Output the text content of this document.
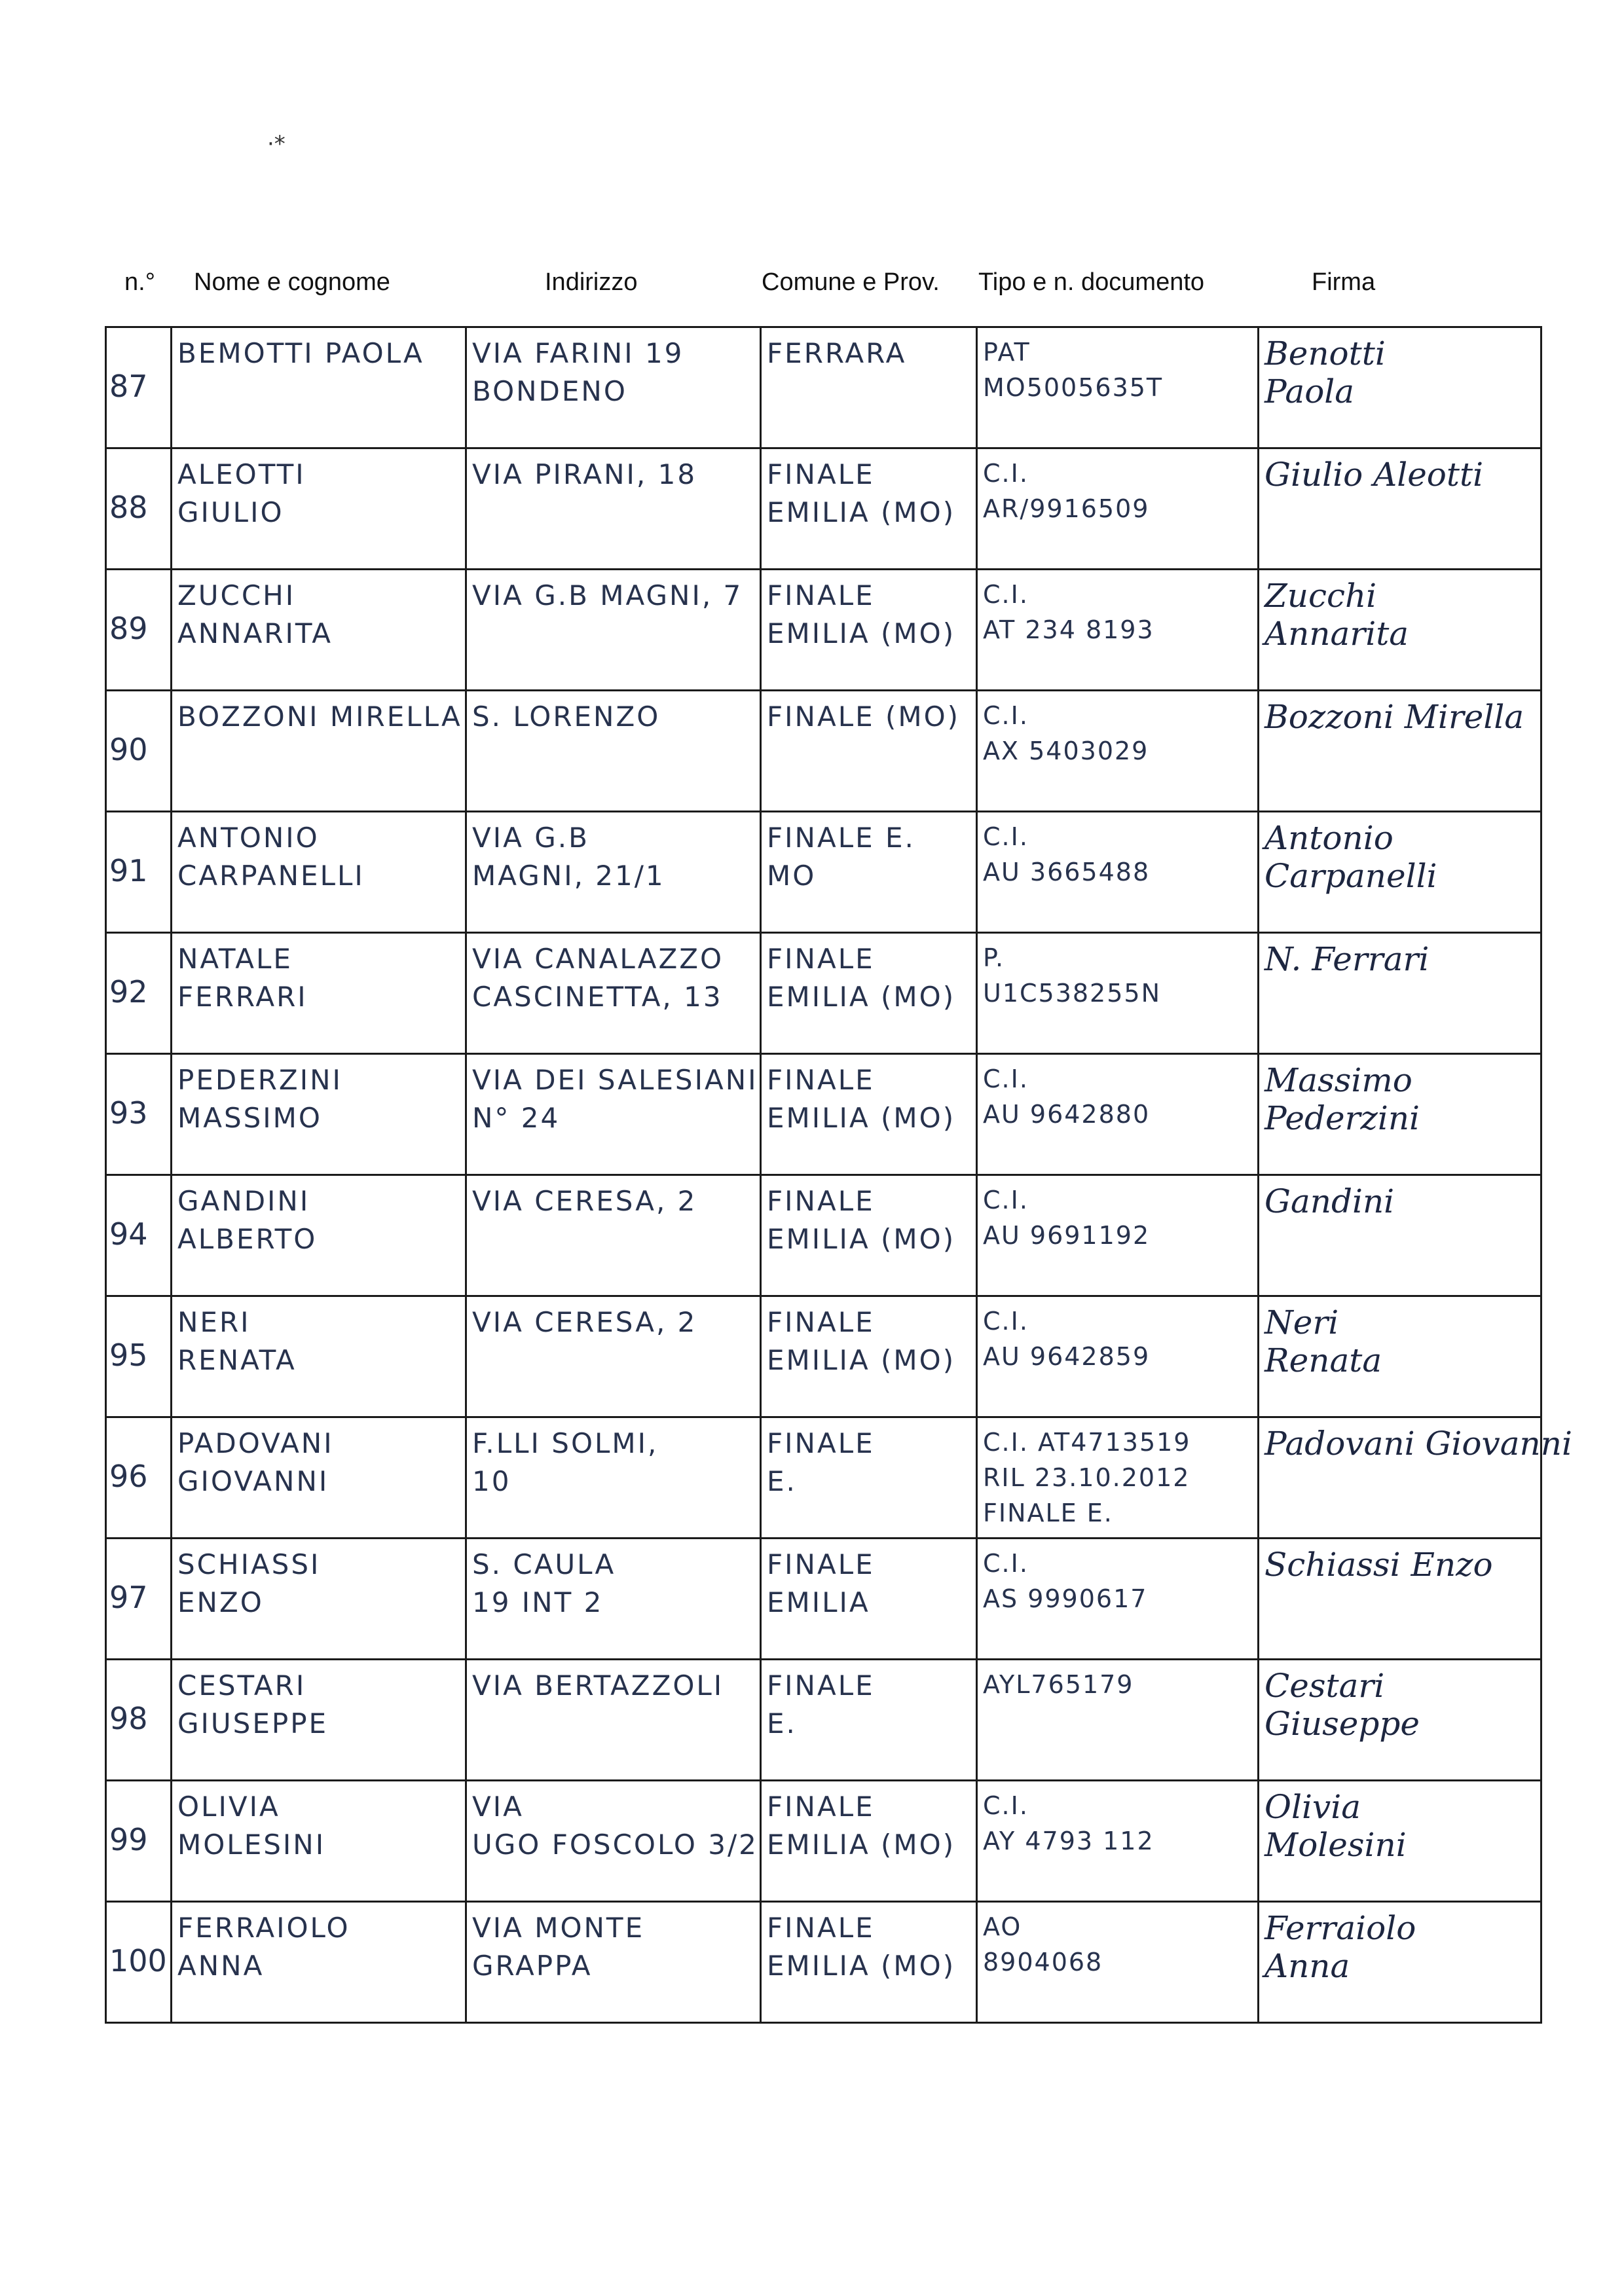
·*
n.° Nome e cognome	Indirizzo	Comune e Prov. Tipo e n. documento	Firma
87	BEMOTTI PAOLA	VIA FARINI 19
BONDENO	FERRARA	PAT
MO5005635T	Benotti
Paola

88	ALEOTTI
GIULIO	VIA PIRANI, 18	FINALE
EMILIA (MO)	C.I.
AR/9916509	Giulio Aleotti

89	ZUCCHI
ANNARITA	VIA G.B MAGNI, 7	FINALE
EMILIA (MO)	C.I.
AT 234 8193	Zucchi
Annarita

90	BOZZONI MIRELLA	S. LORENZO	FINALE (MO)	C.I.
AX 5403029	Bozzoni Mirella

91	ANTONIO
CARPANELLI	VIA G.B
MAGNI, 21/1	FINALE E.
MO	C.I.
AU 3665488	Antonio
Carpanelli

92	NATALE
FERRARI	VIA CANALAZZO
CASCINETTA, 13	FINALE
EMILIA (MO)	P.
U1C538255N	N. Ferrari

93	PEDERZINI
MASSIMO	VIA DEI SALESIANI
N° 24	FINALE
EMILIA (MO)	C.I.
AU 9642880	Massimo
Pederzini

94	GANDINI
ALBERTO	VIA CERESA, 2	FINALE
EMILIA (MO)	C.I.
AU 9691192	Gandini

95	NERI
RENATA	VIA CERESA, 2	FINALE
EMILIA (MO)	C.I.
AU 9642859	Neri
Renata

96	PADOVANI
GIOVANNI	F.LLI SOLMI,
10	FINALE
E.	C.I. AT4713519
RIL 23.10.2012
FINALE E.	Padovani Giovanni

97	SCHIASSI
ENZO	S. CAULA
19 INT 2	FINALE
EMILIA	C.I.
AS 9990617	Schiassi Enzo

98	CESTARI
GIUSEPPE	VIA BERTAZZOLI	FINALE
E.	AYL765179	Cestari
Giuseppe

99	OLIVIA
MOLESINI	VIA
UGO FOSCOLO 3/2	FINALE
EMILIA (MO)	C.I.
AY 4793 112	Olivia
Molesini

100	FERRAIOLO
ANNA	VIA MONTE
GRAPPA	FINALE
EMILIA (MO)	AO
8904068	Ferraiolo
Anna
